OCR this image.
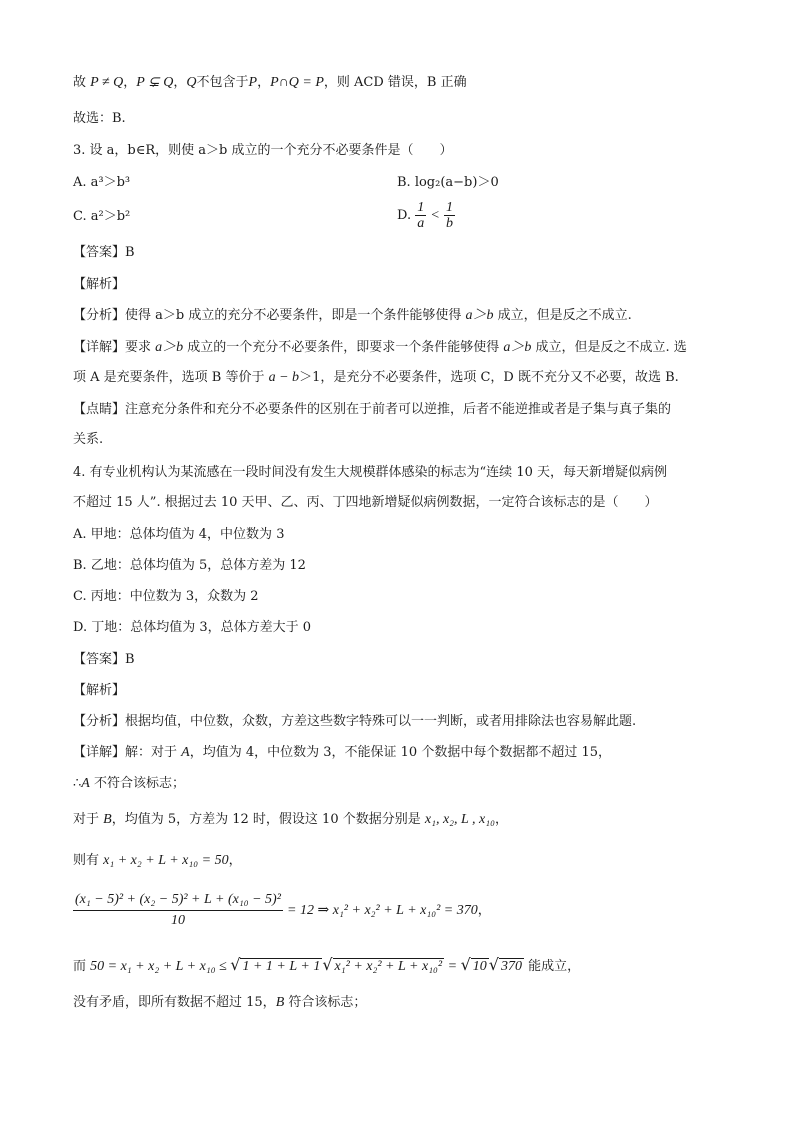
故 P ≠ Q，P ⊊ Q，Q不包含于P，P∩Q = P，则 ACD 错误，B 正确
故选：B.
3. 设 a，b∈R，则使 a＞b 成立的一个充分不必要条件是（　　）
A. a³＞b³	B. log₂(a−b)＞0
C. a²＞b²	D. $\frac{1}{a} < \frac{1}{b}$
【答案】B
【解析】
【分析】使得 a＞b 成立的充分不必要条件，即是一个条件能够使得 a＞b 成立，但是反之不成立.
【详解】要求 a＞b 成立的一个充分不必要条件，即要求一个条件能够使得 a＞b 成立，但是反之不成立. 选
项 A 是充要条件，选项 B 等价于 a − b＞1，是充分不必要条件，选项 C，D 既不充分又不必要，故选 B.
【点睛】注意充分条件和充分不必要条件的区别在于前者可以逆推，后者不能逆推或者是子集与真子集的
关系.
4. 有专业机构认为某流感在一段时间没有发生大规模群体感染的标志为“连续 10 天，每天新增疑似病例
不超过 15 人”. 根据过去 10 天甲、乙、丙、丁四地新增疑似病例数据，一定符合该标志的是（　　）
A. 甲地：总体均值为 4，中位数为 3
B. 乙地：总体均值为 5，总体方差为 12
C. 丙地：中位数为 3，众数为 2
D. 丁地：总体均值为 3，总体方差大于 0
【答案】B
【解析】
【分析】根据均值，中位数，众数，方差这些数字特殊可以一一判断，或者用排除法也容易解此题.
【详解】解：对于 A，均值为 4，中位数为 3，不能保证 10 个数据中每个数据都不超过 15，
∴A 不符合该标志；
对于 B，均值为 5，方差为 12 时，假设这 10 个数据分别是 x₁, x₂, L , x₁₀，
则有 x₁ + x₂ + L + x₁₀ = 50，
$\frac{\text{(x₁ − 5)² + (x₂ − 5)² + L + (x₁₀ − 5)²}}{10} = 12$ ⇒ x₁² + x₂² + L + x₁₀² = 370，
而 50 = x₁ + x₂ + L + x₁₀ ≤ √ 1 + 1 + L + 1 √ x₁² + x₂² + L + x₁₀² = √ 10 √ 370 能成立，
没有矛盾，即所有数据不超过 15，B 符合该标志；
